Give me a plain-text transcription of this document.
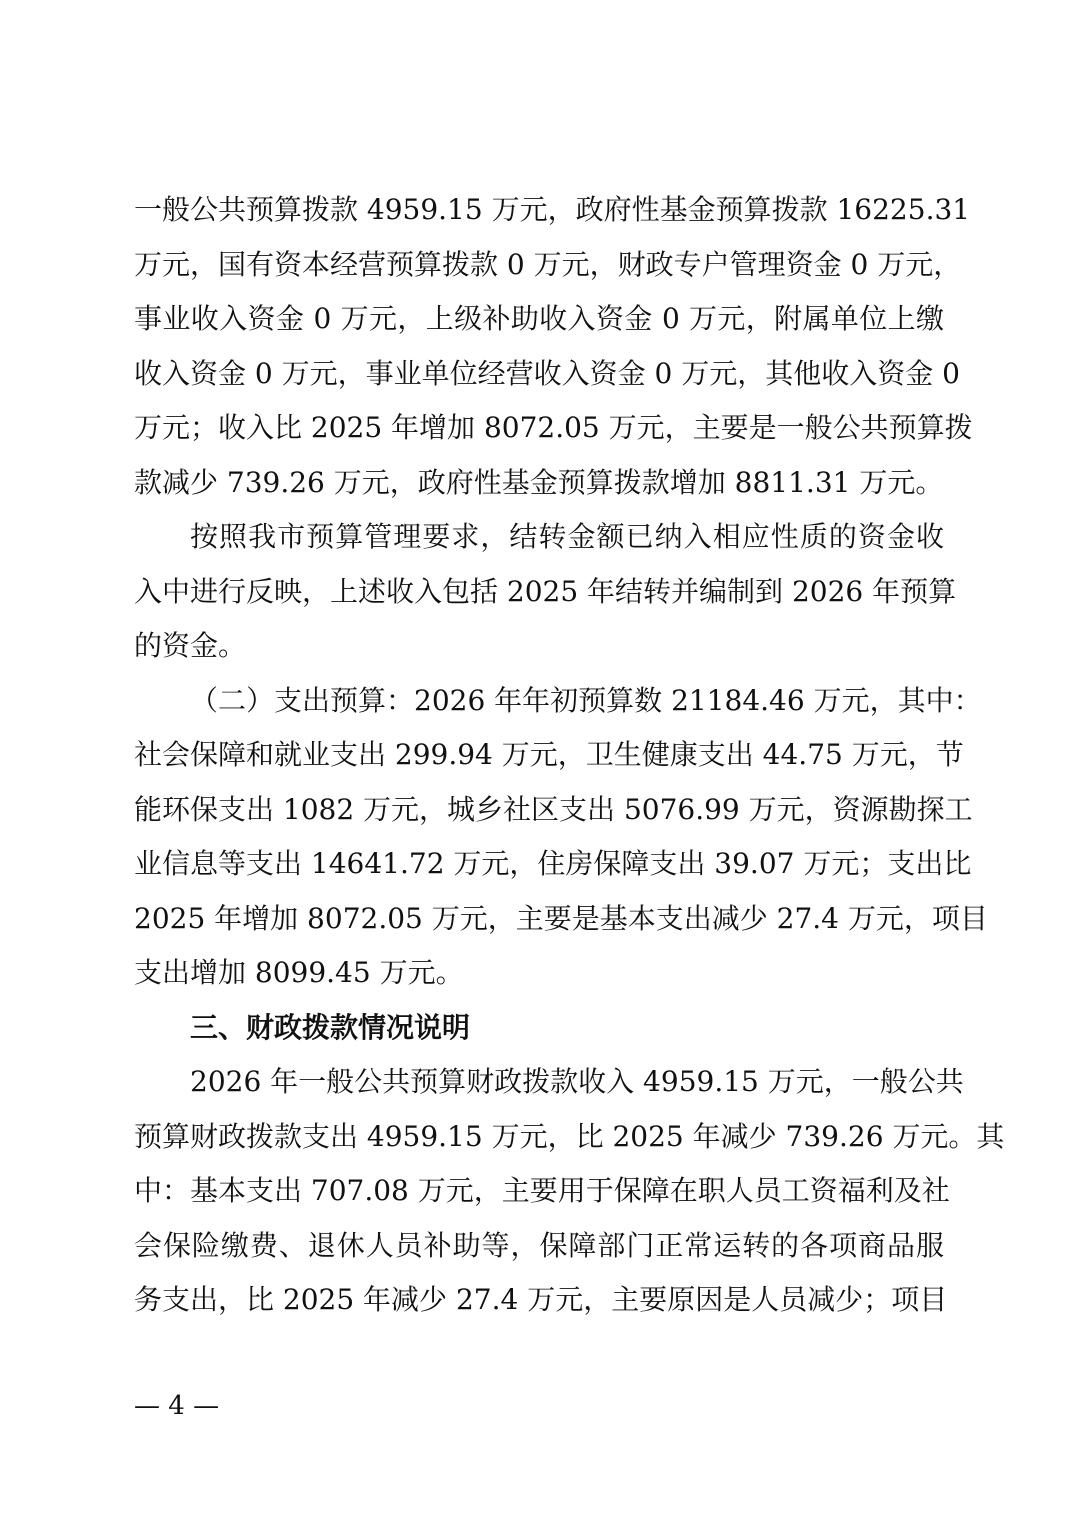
一般公共预算拨款 4959.15 万元，政府性基金预算拨款 16225.31
万元，国有资本经营预算拨款 0 万元，财政专户管理资金 0 万元，
事业收入资金 0 万元，上级补助收入资金 0 万元，附属单位上缴
收入资金 0 万元，事业单位经营收入资金 0 万元，其他收入资金 0
万元；收入比 2025 年增加 8072.05 万元，主要是一般公共预算拨
款减少 739.26 万元，政府性基金预算拨款增加 8811.31 万元。
按照我市预算管理要求，结转金额已纳入相应性质的资金收
入中进行反映，上述收入包括 2025 年结转并编制到 2026 年预算
的资金。
（二）支出预算：2026 年年初预算数 21184.46 万元，其中：
社会保障和就业支出 299.94 万元，卫生健康支出 44.75 万元，节
能环保支出 1082 万元，城乡社区支出 5076.99 万元，资源勘探工
业信息等支出 14641.72 万元，住房保障支出 39.07 万元；支出比
2025 年增加 8072.05 万元，主要是基本支出减少 27.4 万元，项目
支出增加 8099.45 万元。
三、财政拨款情况说明
2026 年一般公共预算财政拨款收入 4959.15 万元，一般公共
预算财政拨款支出 4959.15 万元，比 2025 年减少 739.26 万元。其
中：基本支出 707.08 万元，主要用于保障在职人员工资福利及社
会保险缴费、退休人员补助等，保障部门正常运转的各项商品服
务支出，比 2025 年减少 27.4 万元，主要原因是人员减少；项目
— 4 —
